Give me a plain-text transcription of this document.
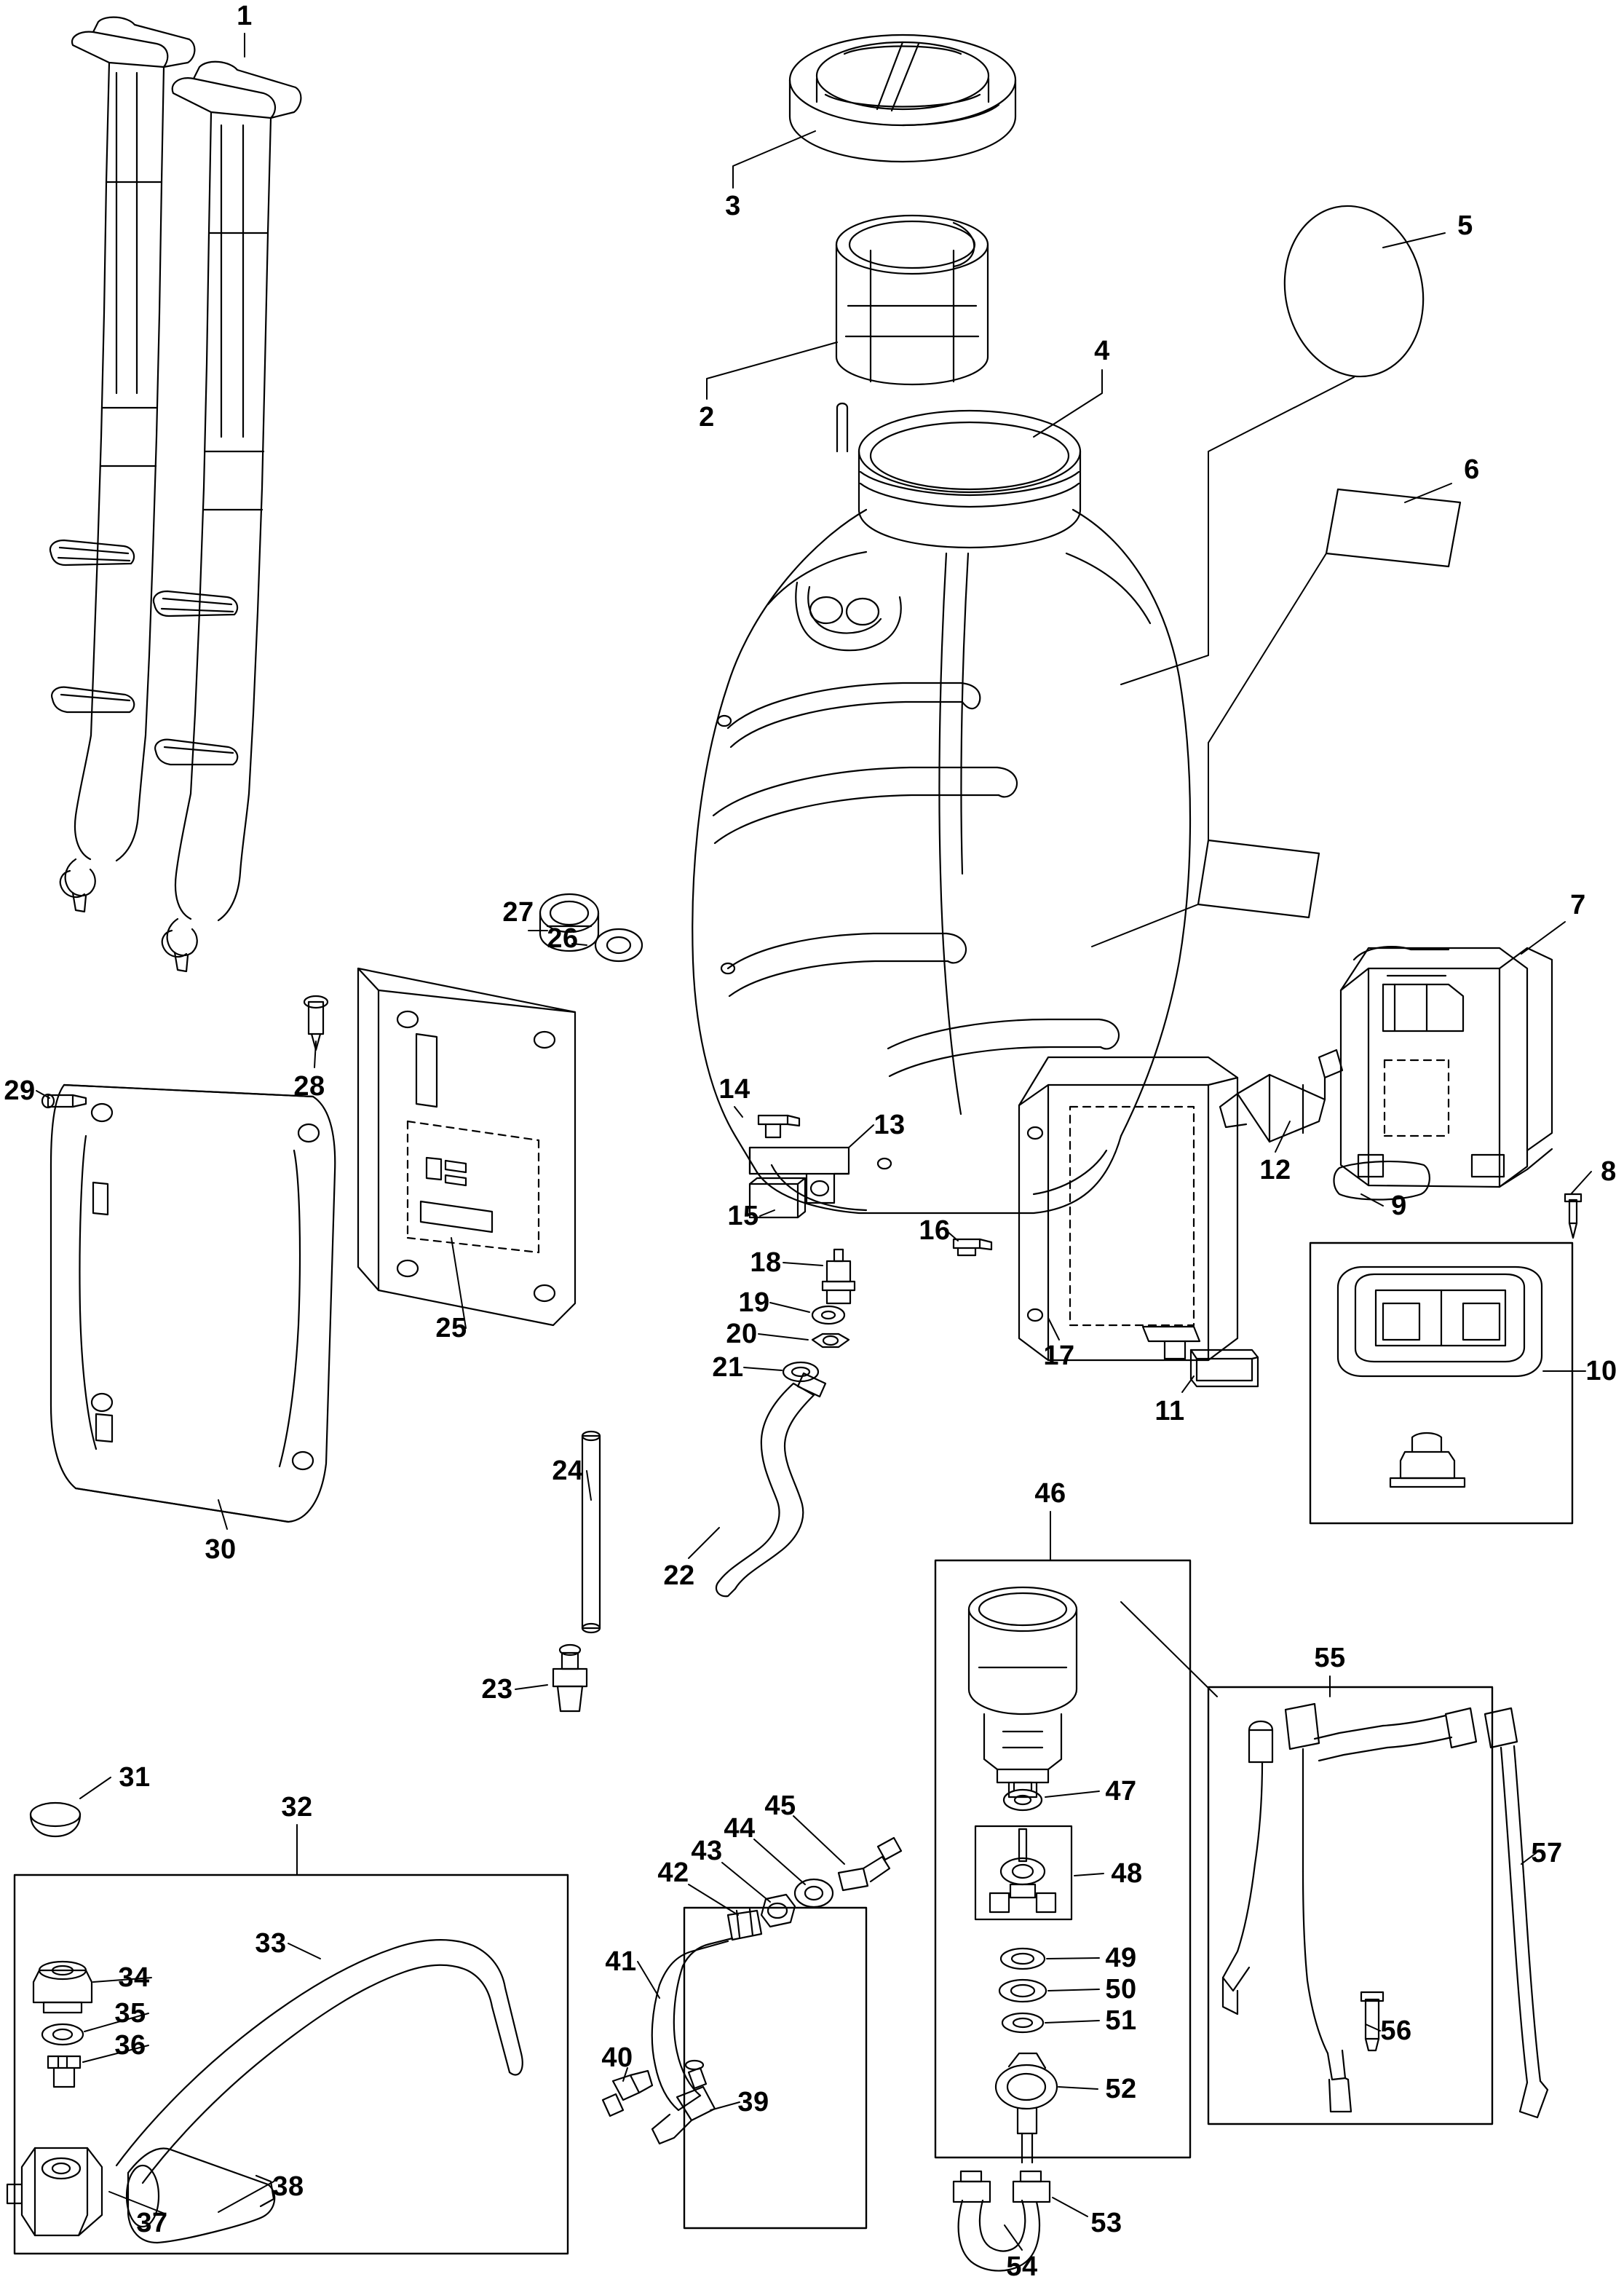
1
2
3
4
5
6
7
8
9
10
11
12
13
14
15	16
17
18
19
20
21
22
23
24
25
26
27
28
29
30
31
32
33
34
35
36
37
38
39
40
41
42
43
44
45
46
47
48
49
50
51
52
53
54
55
56
57
